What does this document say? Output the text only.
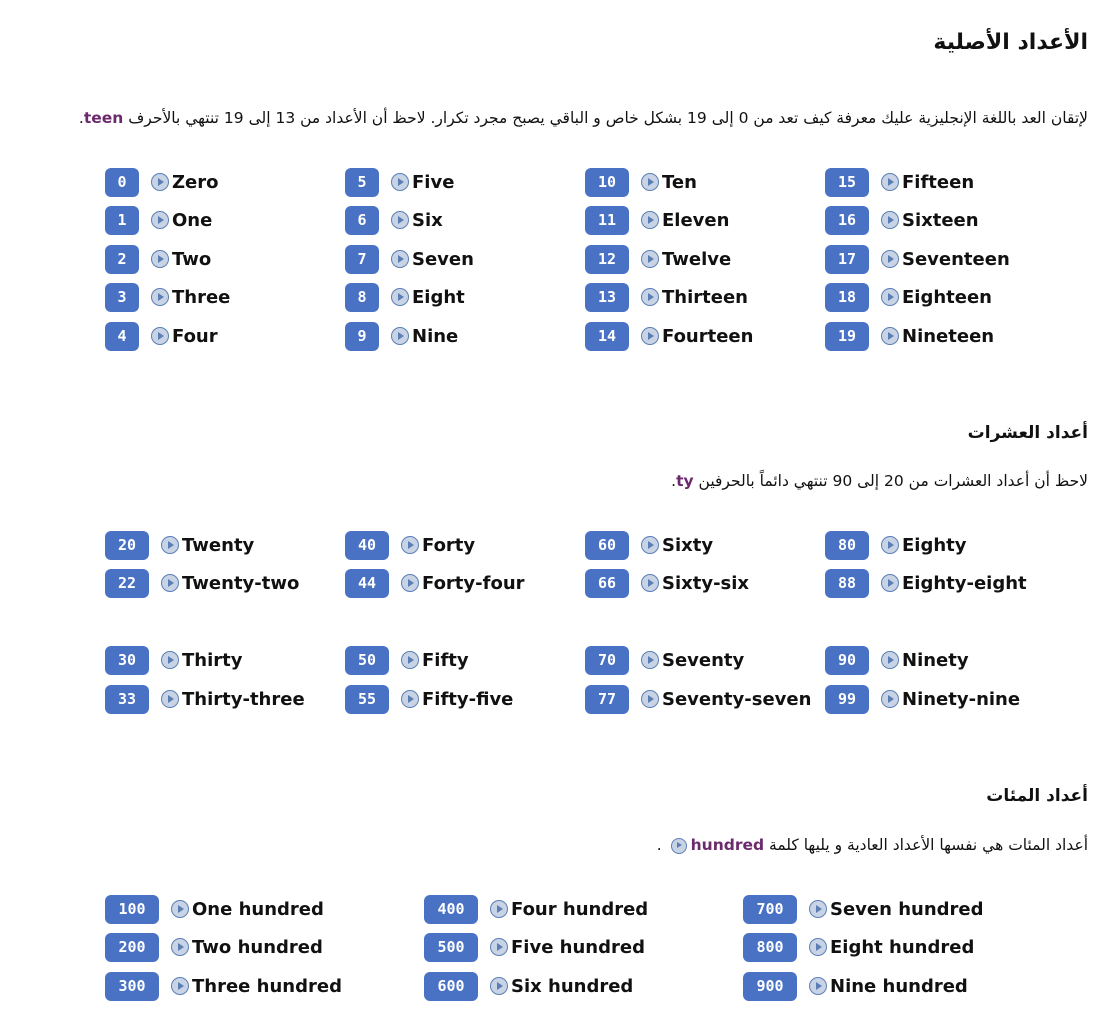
الأعداد الأصلية

لإتقان العد باللغة الإنجليزية عليك معرفة كيف تعد من 0 إلى 19 بشكل خاص و الباقي يصبح مجرد تكرار. لاحظ أن الأعداد من 13 إلى 19 تنتهي بالأحرف teen.

0	Zero
1	One
2	Two
3	Three
4	Four
5	Five
6	Six
7	Seven
8	Eight
9	Nine
10	Ten
11	Eleven
12	Twelve
13	Thirteen
14	Fourteen
15	Fifteen
16	Sixteen
17	Seventeen
18	Eighteen
19	Nineteen
أعداد العشرات

لاحظ أن أعداد العشرات من 20 إلى 90 تنتهي دائماً بالحرفين ty.

20	Twenty
22	Twenty-two
40	Forty
44	Forty-four
60	Sixty
66	Sixty-six
80	Eighty
88	Eighty-eight
30	Thirty
33	Thirty-three
50	Fifty
55	Fifty-five
70	Seventy
77	Seventy-seven
90	Ninety
99	Ninety-nine
أعداد المئات

أعداد المئات هي نفسها الأعداد العادية و يليها كلمة hundred .

100	One hundred
200	Two hundred
300	Three hundred
400	Four hundred
500	Five hundred
600	Six hundred
700	Seven hundred
800	Eight hundred
900	Nine hundred
